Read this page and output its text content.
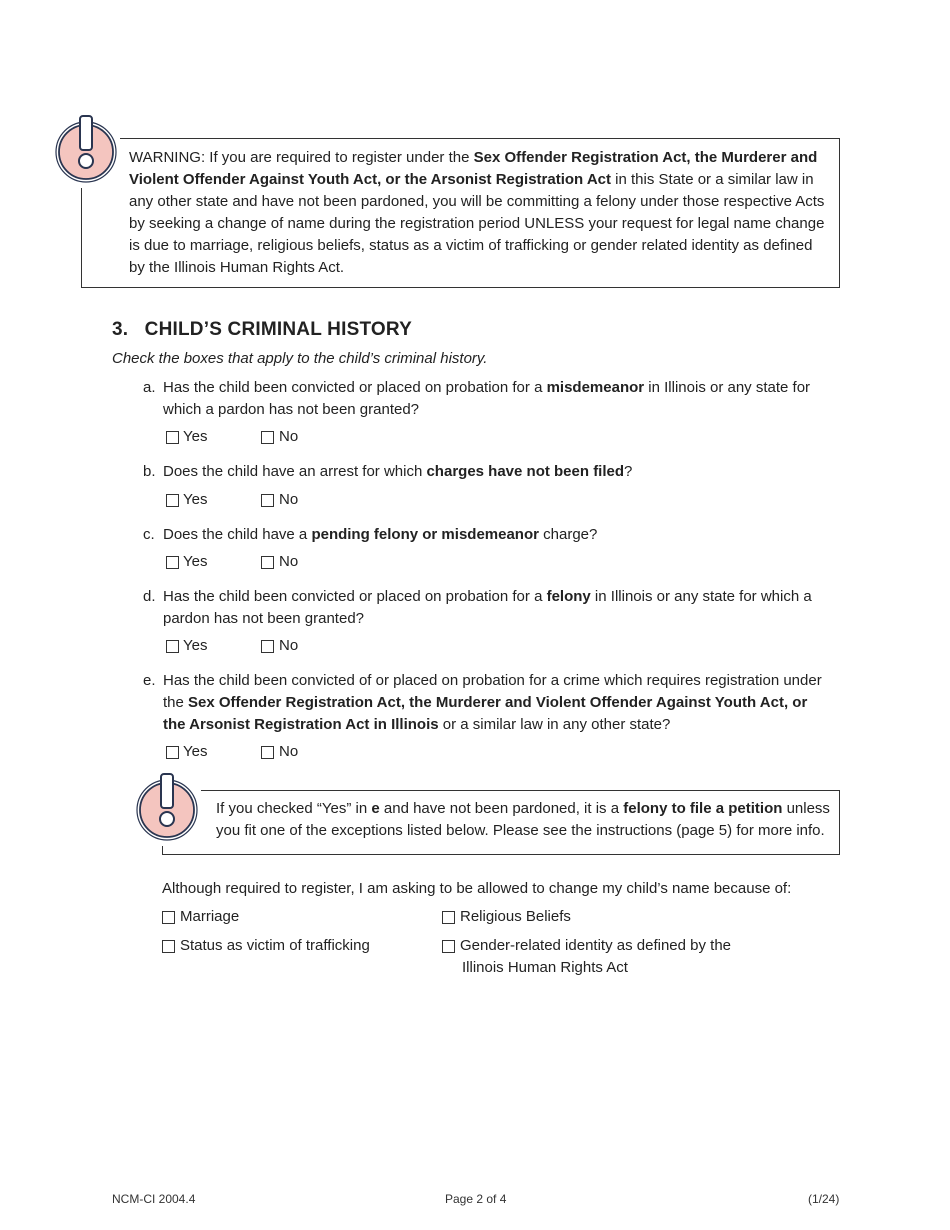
WARNING: If you are required to register under the Sex Offender Registration Act, the Murderer and Violent Offender Against Youth Act, or the Arsonist Registration Act in this State or a similar law in any other state and have not been pardoned, you will be committing a felony under those respective Acts by seeking a change of name during the registration period UNLESS your request for legal name change is due to marriage, religious beliefs, status as a victim of trafficking or gender related identity as defined by the Illinois Human Rights Act.
3.   CHILD’S CRIMINAL HISTORY
Check the boxes that apply to the child’s criminal history.
a. Has the child been convicted or placed on probation for a misdemeanor in Illinois or any state for which a pardon has not been granted?
Yes	No
b. Does the child have an arrest for which charges have not been filed?
Yes	No
c. Does the child have a pending felony or misdemeanor charge?
Yes	No
d. Has the child been convicted or placed on probation for a felony in Illinois or any state for which a pardon has not been granted?
Yes	No
e. Has the child been convicted of or placed on probation for a crime which requires registration under the Sex Offender Registration Act, the Murderer and Violent Offender Against Youth Act, or the Arsonist Registration Act in Illinois or a similar law in any other state?
Yes	No
If you checked “Yes” in e and have not been pardoned, it is a felony to file a petition unless you fit one of the exceptions listed below. Please see the instructions (page 5) for more info.
Although required to register, I am asking to be allowed to change my child’s name because of:
Marriage	Religious Beliefs
Status as victim of trafficking	Gender-related identity as defined by the
Illinois Human Rights Act
NCM-CI 2004.4	Page 2 of 4	(1/24)
